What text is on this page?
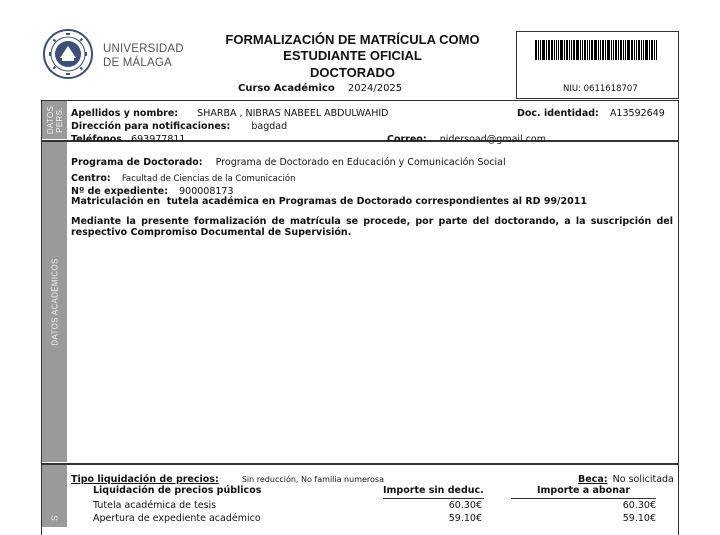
UNIVERSIDAD
DE MÁLAGA
FORMALIZACIÓN DE MATRÍCULA COMO
ESTUDIANTE OFICIAL
DOCTORADO
Curso Académico 2024/2025	NIU: 0611618707
DATOS PERS. Apellidos y nombre: SHARBA , NIBRAS NABEEL ABDULWAHID	Doc. identidad: A13592649
Dirección para notificaciones: bagdad
Teléfonos 693977811	Correo: nidersoad@gmail.com
DATOS ACADÉMICOS
Programa de Doctorado: Programa de Doctorado en Educación y Comunicación Social
Centro: Facultad de Ciencias de la Comunicación
Nº de expediente: 900008173
Matriculación en  tutela académica en Programas de Doctorado correspondientes al RD 99/2011
Mediante la presente formalización de matrícula se procede, por parte del doctorando, a la suscripción del respectivo Compromiso Documental de Supervisión.
S
Tipo liquidación de precios:	Sin reducción, No familia numerosa	Beca: No solicitada
Liquidación de precios públicos	Importe sin deduc.	Importe a abonar
Tutela académica de tesis	60.30€	60.30€
Apertura de expediente académico	59.10€	59.10€
